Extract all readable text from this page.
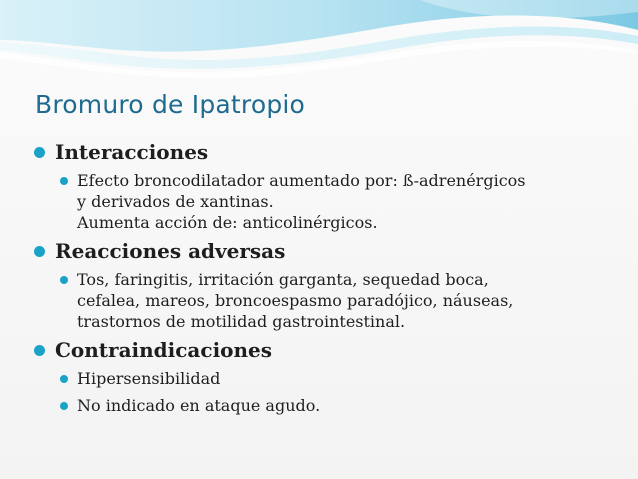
Bromuro de Ipatropio
Interacciones
Efecto broncodilatador aumentado por: ß-adrenérgicos
y derivados de xantinas.
Aumenta acción de: anticolinérgicos.
Reacciones adversas
Tos, faringitis, irritación garganta, sequedad boca,
cefalea, mareos, broncoespasmo paradójico, náuseas,
trastornos de motilidad gastrointestinal.
Contraindicaciones
Hipersensibilidad
No indicado en ataque agudo.
